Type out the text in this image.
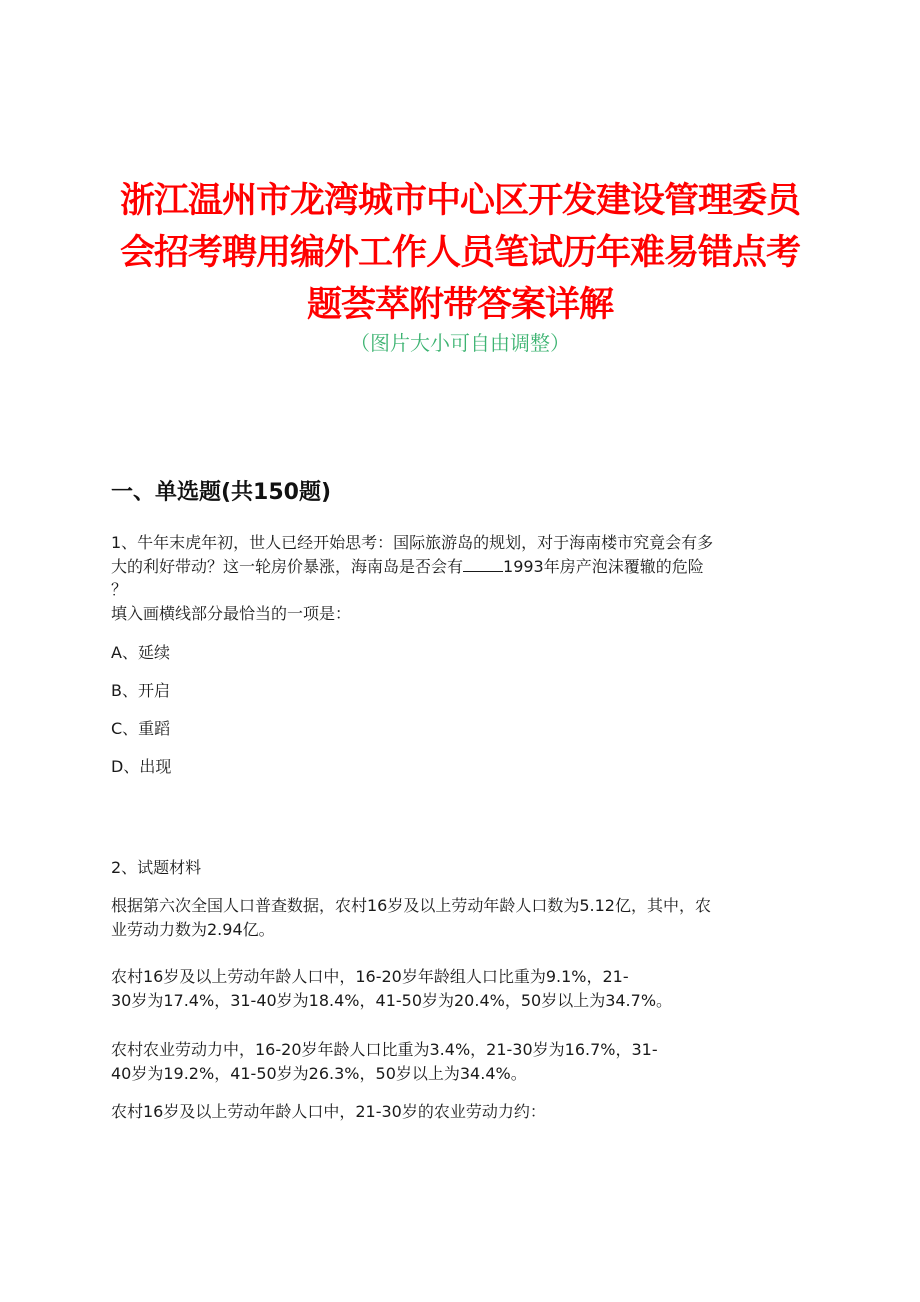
浙江温州市龙湾城市中心区开发建设管理委员
会招考聘用编外工作人员笔试历年难易错点考
题荟萃附带答案详解
（图片大小可自由调整）
一、单选题(共150题)
1、牛年末虎年初，世人已经开始思考：国际旅游岛的规划，对于海南楼市究竟会有多
大的利好带动？这一轮房价暴涨，海南岛是否会有	1993年房产泡沫覆辙的危险
？
填入画横线部分最恰当的一项是：
A、延续
B、开启
C、重蹈
D、出现
2、试题材料
根据第六次全国人口普查数据，农村16岁及以上劳动年龄人口数为5.12亿，其中，农
业劳动力数为2.94亿。
农村16岁及以上劳动年龄人口中，16-20岁年龄组人口比重为9.1%，21-
30岁为17.4%，31-40岁为18.4%，41-50岁为20.4%，50岁以上为34.7%。
农村农业劳动力中，16-20岁年龄人口比重为3.4%，21-30岁为16.7%，31-
40岁为19.2%，41-50岁为26.3%，50岁以上为34.4%。
农村16岁及以上劳动年龄人口中，21-30岁的农业劳动力约：
